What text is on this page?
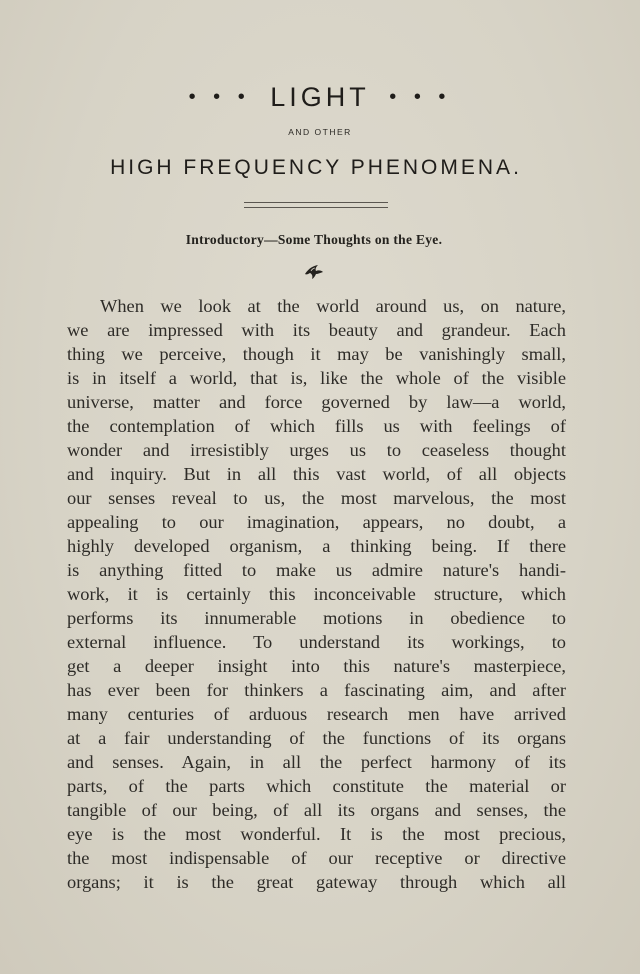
• • • LIGHT • • •
AND OTHER
HIGH FREQUENCY PHENOMENA.
Introductory—Some Thoughts on the Eye.
When we look at the world around us, on nature,
we are impressed with its beauty and grandeur. Each
thing we perceive, though it may be vanishingly small,
is in itself a world, that is, like the whole of the visible
universe, matter and force governed by law—a world,
the contemplation of which fills us with feelings of
wonder and irresistibly urges us to ceaseless thought
and inquiry. But in all this vast world, of all objects
our senses reveal to us, the most marvelous, the most
appealing to our imagination, appears, no doubt, a
highly developed organism, a thinking being. If there
is anything fitted to make us admire nature's handi-
work, it is certainly this inconceivable structure, which
performs its innumerable motions in obedience to
external influence. To understand its workings, to
get a deeper insight into this nature's masterpiece,
has ever been for thinkers a fascinating aim, and after
many centuries of arduous research men have arrived
at a fair understanding of the functions of its organs
and senses. Again, in all the perfect harmony of its
parts, of the parts which constitute the material or
tangible of our being, of all its organs and senses, the
eye is the most wonderful. It is the most precious,
the most indispensable of our receptive or directive
organs; it is the great gateway through which all
